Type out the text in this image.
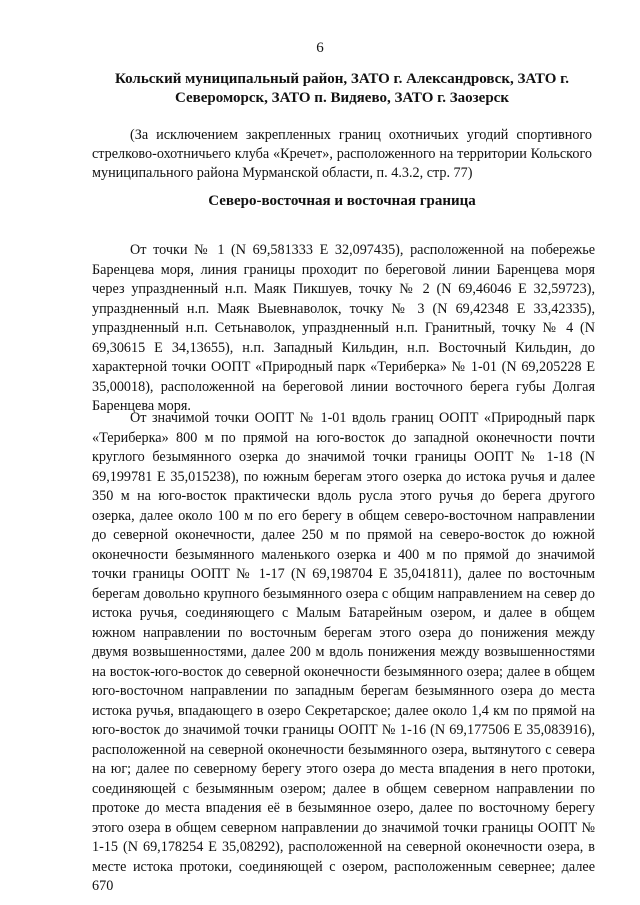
6
Кольский муниципальный район, ЗАТО г. Александровск, ЗАТО г. Североморск, ЗАТО п. Видяево, ЗАТО г. Заозерск
(За исключением закрепленных границ охотничьих угодий спортивного стрелково-охотничьего клуба «Кречет», расположенного на территории Кольского муниципального района Мурманской области, п. 4.3.2, стр. 77)
Северо-восточная и восточная граница
От точки № 1 (N 69,581333 E 32,097435), расположенной на побережье Баренцева моря, линия границы проходит по береговой линии Баренцева моря через упраздненный н.п. Маяк Пикшуев, точку № 2 (N 69,46046 E 32,59723), упраздненный н.п. Маяк Выевнаволок, точку № 3 (N 69,42348 E 33,42335), упраздненный н.п. Сетьнаволок, упраздненный н.п. Гранитный, точку № 4 (N 69,30615 E 34,13655), н.п. Западный Кильдин, н.п. Восточный Кильдин, до характерной точки ООПТ «Природный парк «Териберка» № 1-01 (N 69,205228 E 35,00018), расположенной на береговой линии восточного берега губы Долгая Баренцева моря.
От значимой точки ООПТ № 1-01 вдоль границ ООПТ «Природный парк «Териберка» 800 м по прямой на юго-восток до западной оконечности почти круглого безымянного озерка до значимой точки границы ООПТ № 1-18 (N 69,199781 E 35,015238), по южным берегам этого озерка до истока ручья и далее 350 м на юго-восток практически вдоль русла этого ручья до берега другого озерка, далее около 100 м по его берегу в общем северо-восточном направлении до северной оконечности, далее 250 м по прямой на северо-восток до южной оконечности безымянного маленького озерка и 400 м по прямой до значимой точки границы ООПТ № 1-17 (N 69,198704 E 35,041811), далее по восточным берегам довольно крупного безымянного озера с общим направлением на север до истока ручья, соединяющего с Малым Батарейным озером, и далее в общем южном направлении по восточным берегам этого озера до понижения между двумя возвышенностями, далее 200 м вдоль понижения между возвышенностями на восток-юго-восток до северной оконечности безымянного озера; далее в общем юго-восточном направлении по западным берегам безымянного озера до места истока ручья, впадающего в озеро Секретарское; далее около 1,4 км по прямой на юго-восток до значимой точки границы ООПТ № 1-16 (N 69,177506 E 35,083916), расположенной на северной оконечности безымянного озера, вытянутого с севера на юг; далее по северному берегу этого озера до места впадения в него протоки, соединяющей с безымянным озером; далее в общем северном направлении по протоке до места впадения её в безымянное озеро, далее по восточному берегу этого озера в общем северном направлении до значимой точки границы ООПТ № 1-15 (N 69,178254 E 35,08292), расположенной на северной оконечности озера, в месте истока протоки, соединяющей с озером, расположенным севернее; далее 670
